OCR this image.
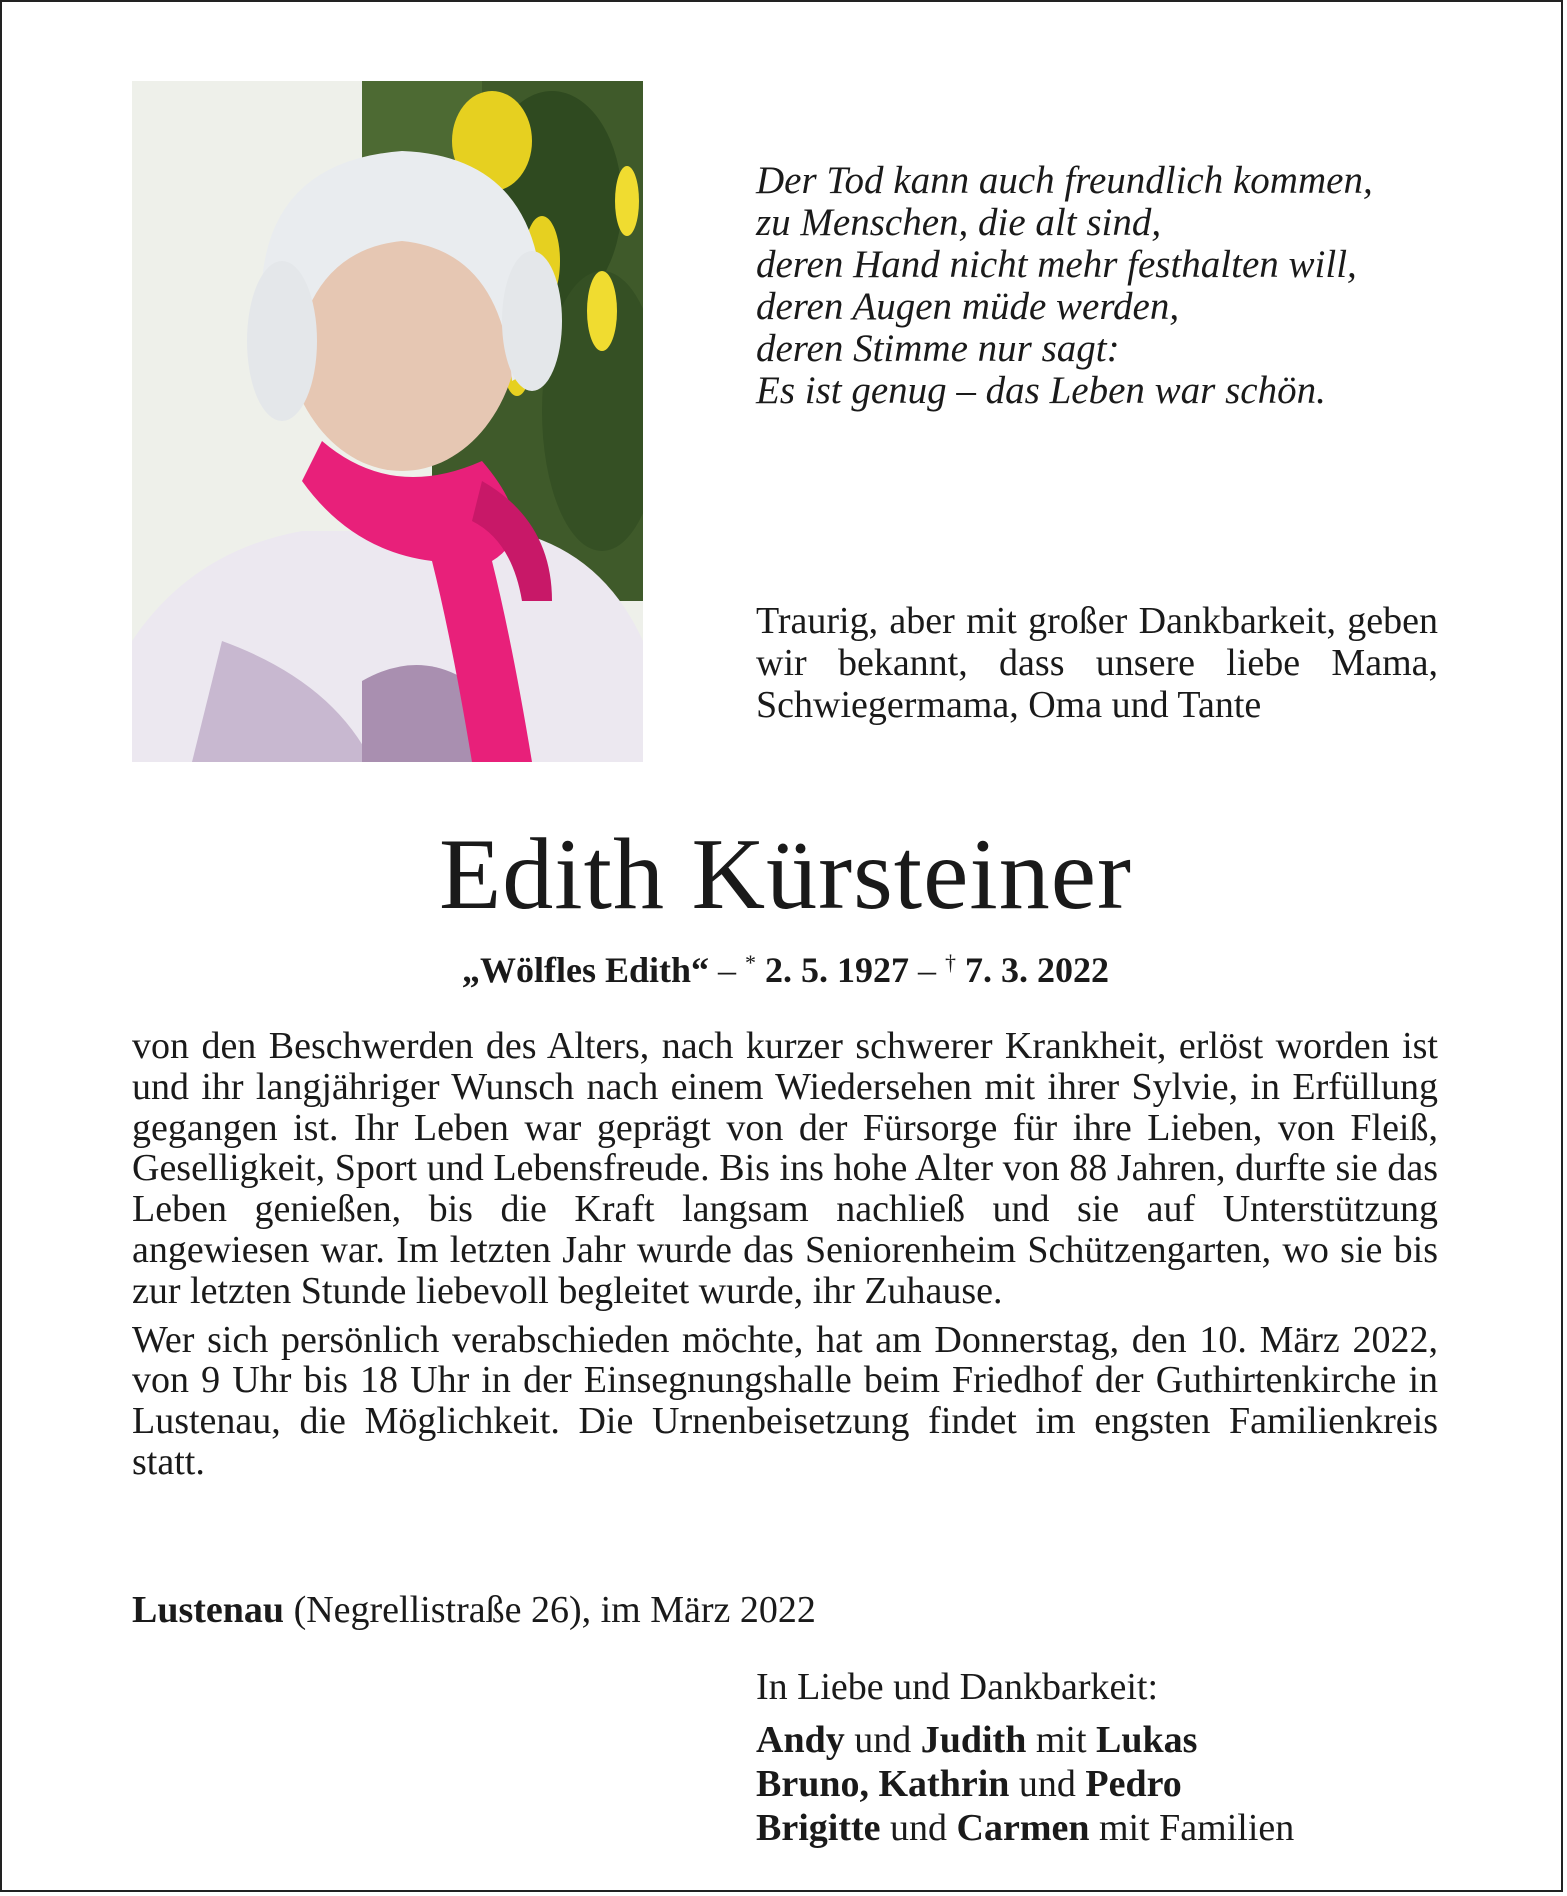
Der Tod kann auch freundlich kommen,
zu Menschen, die alt sind,
deren Hand nicht mehr festhalten will,
deren Augen müde werden,
deren Stimme nur sagt:
Es ist genug – das Leben war schön.
Traurig, aber mit großer Dankbarkeit, geben wir bekannt, dass unsere liebe Mama, Schwiegermama, Oma und Tante
Edith Kürsteiner
„Wölfles Edith“ – * 2. 5. 1927 – † 7. 3. 2022

von den Beschwerden des Alters, nach kurzer schwerer Krankheit, erlöst worden ist und ihr langjähriger Wunsch nach einem Wiedersehen mit ihrer Sylvie, in Erfüllung gegangen ist. Ihr Leben war geprägt von der Fürsorge für ihre Lieben, von Fleiß, Geselligkeit, Sport und Lebensfreude. Bis ins hohe Alter von 88 Jahren, durfte sie das Leben genießen, bis die Kraft langsam nachließ und sie auf Unterstützung angewiesen war. Im letzten Jahr wurde das Seniorenheim Schützengarten, wo sie bis zur letzten Stunde liebevoll begleitet wurde, ihr Zuhause.

Wer sich persönlich verabschieden möchte, hat am Donnerstag, den 10. März 2022, von 9 Uhr bis 18 Uhr in der Einsegnungshalle beim Friedhof der Guthirtenkirche in Lustenau, die Möglichkeit. Die Urnenbeisetzung findet im engsten Familienkreis statt.

Lustenau (Negrellistraße 26), im März 2022
In Liebe und Dankbarkeit:
Andy und Judith mit Lukas
Bruno, Kathrin und Pedro
Brigitte und Carmen mit Familien
